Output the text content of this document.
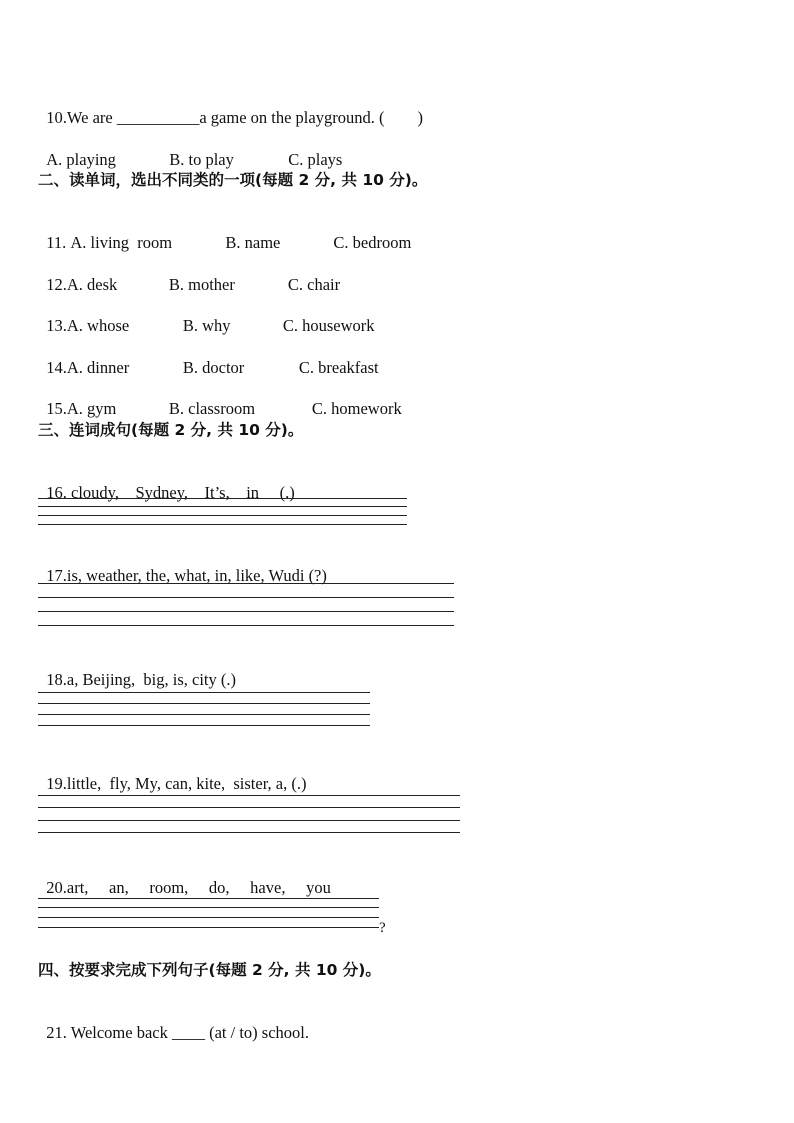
10.We are __________a game on the playground. (        )

A. playing	B. to play	C. plays

二、读单词，选出不同类的一项(每题 2 分, 共 10 分)。

11. A. living  room	B. name	C. bedroom

12.A. desk	B. mother	C. chair

13.A. whose	B. why	C. housework

14.A. dinner	B. doctor	C. breakfast

15.A. gym	B. classroom	C. homework

三、连词成句(每题 2 分, 共 10 分)。

16. cloudy,    Sydney,    It’s,    in     (.)

17.is, weather, the, what, in, like, Wudi (?)

18.a, Beijing,  big, is, city (.)

19.little,  fly, My, can, kite,  sister, a, (.)

20.art,     an,     room,     do,     have,     you

?
四、按要求完成下列句子(每题 2 分, 共 10 分)。

21. Welcome back ____ (at / to) school.
